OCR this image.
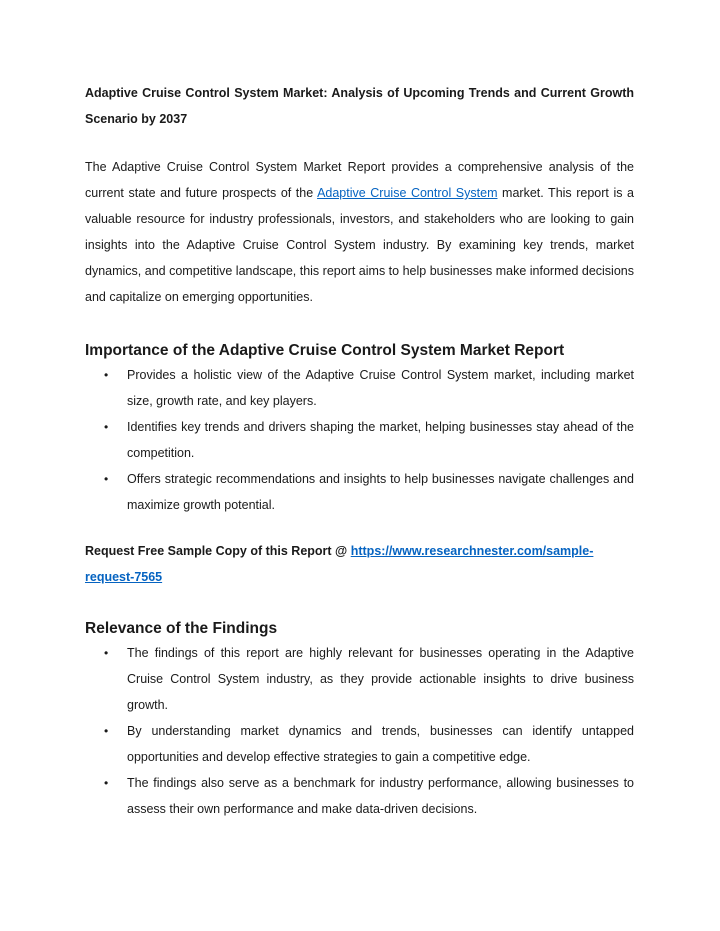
Adaptive Cruise Control System Market: Analysis of Upcoming Trends and Current Growth Scenario by 2037

The Adaptive Cruise Control System Market Report provides a comprehensive analysis of the current state and future prospects of the Adaptive Cruise Control System market. This report is a valuable resource for industry professionals, investors, and stakeholders who are looking to gain insights into the Adaptive Cruise Control System industry. By examining key trends, market dynamics, and competitive landscape, this report aims to help businesses make informed decisions and capitalize on emerging opportunities.

Importance of the Adaptive Cruise Control System Market Report
• Provides a holistic view of the Adaptive Cruise Control System market, including market size, growth rate, and key players.
• Identifies key trends and drivers shaping the market, helping businesses stay ahead of the competition.
• Offers strategic recommendations and insights to help businesses navigate challenges and maximize growth potential.

Request Free Sample Copy of this Report @ https://www.researchnester.com/sample-request-7565

Relevance of the Findings
• The findings of this report are highly relevant for businesses operating in the Adaptive Cruise Control System industry, as they provide actionable insights to drive business growth.
• By understanding market dynamics and trends, businesses can identify untapped opportunities and develop effective strategies to gain a competitive edge.
• The findings also serve as a benchmark for industry performance, allowing businesses to assess their own performance and make data-driven decisions.
